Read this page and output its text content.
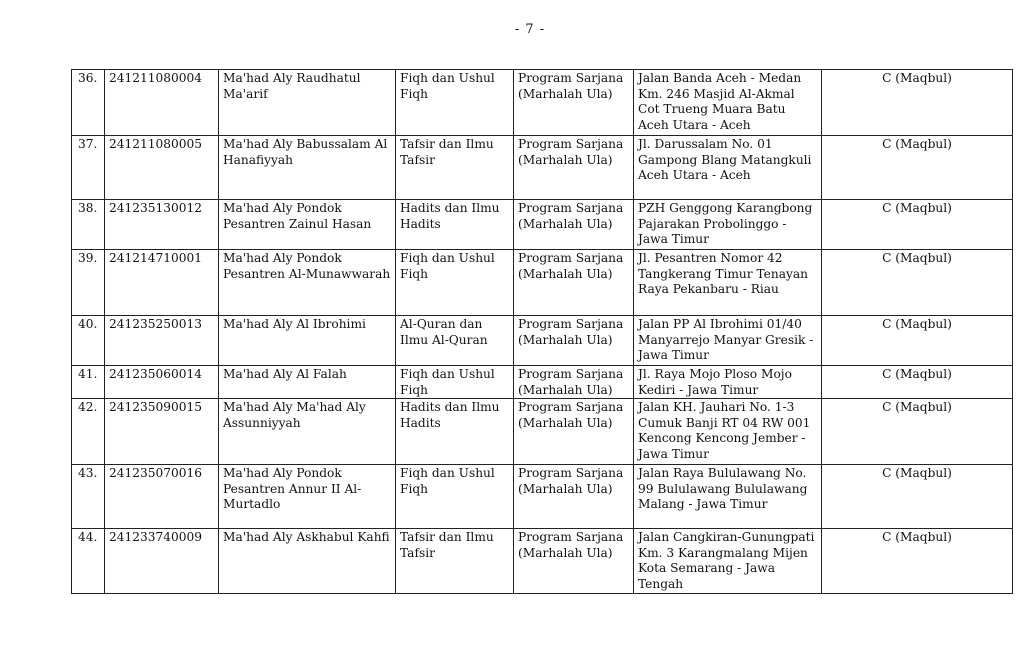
- 7 -
36.	241211080004	Ma'had Aly Raudhatul Ma'arif	Fiqh dan Ushul Fiqh	Program Sarjana (Marhalah Ula)	Jalan Banda Aceh - Medan Km. 246 Masjid Al-Akmal Cot Trueng Muara Batu Aceh Utara - Aceh	C (Maqbul)
37.	241211080005	Ma'had Aly Babussalam Al Hanafiyyah	Tafsir dan Ilmu Tafsir	Program Sarjana (Marhalah Ula)	Jl. Darussalam No. 01 Gampong Blang Matangkuli Aceh Utara - Aceh	C (Maqbul)
38.	241235130012	Ma'had Aly Pondok Pesantren Zainul Hasan	Hadits dan Ilmu Hadits	Program Sarjana (Marhalah Ula)	PZH Genggong Karangbong Pajarakan Probolinggo - Jawa Timur	C (Maqbul)
39.	241214710001	Ma'had Aly Pondok Pesantren Al-Munawwarah	Fiqh dan Ushul Fiqh	Program Sarjana (Marhalah Ula)	Jl. Pesantren Nomor 42 Tangkerang Timur Tenayan Raya Pekanbaru - Riau	C (Maqbul)
40.	241235250013	Ma'had Aly Al Ibrohimi	Al-Quran dan Ilmu Al-Quran	Program Sarjana (Marhalah Ula)	Jalan PP Al Ibrohimi 01/40 Manyarrejo Manyar Gresik - Jawa Timur	C (Maqbul)
41.	241235060014	Ma'had Aly Al Falah	Fiqh dan Ushul Fiqh	Program Sarjana (Marhalah Ula)	Jl. Raya Mojo Ploso Mojo Kediri - Jawa Timur	C (Maqbul)
42.	241235090015	Ma'had Aly Ma'had Aly Assunniyyah	Hadits dan Ilmu Hadits	Program Sarjana (Marhalah Ula)	Jalan KH. Jauhari No. 1-3 Cumuk Banji RT 04 RW 001 Kencong Kencong Jember - Jawa Timur	C (Maqbul)
43.	241235070016	Ma'had Aly Pondok Pesantren Annur II Al-Murtadlo	Fiqh dan Ushul Fiqh	Program Sarjana (Marhalah Ula)	Jalan Raya Bululawang No. 99 Bululawang Bululawang Malang - Jawa Timur	C (Maqbul)
44.	241233740009	Ma'had Aly Askhabul Kahfi	Tafsir dan Ilmu Tafsir	Program Sarjana (Marhalah Ula)	Jalan Cangkiran-Gunungpati Km. 3 Karangmalang Mijen Kota Semarang - Jawa Tengah	C (Maqbul)
